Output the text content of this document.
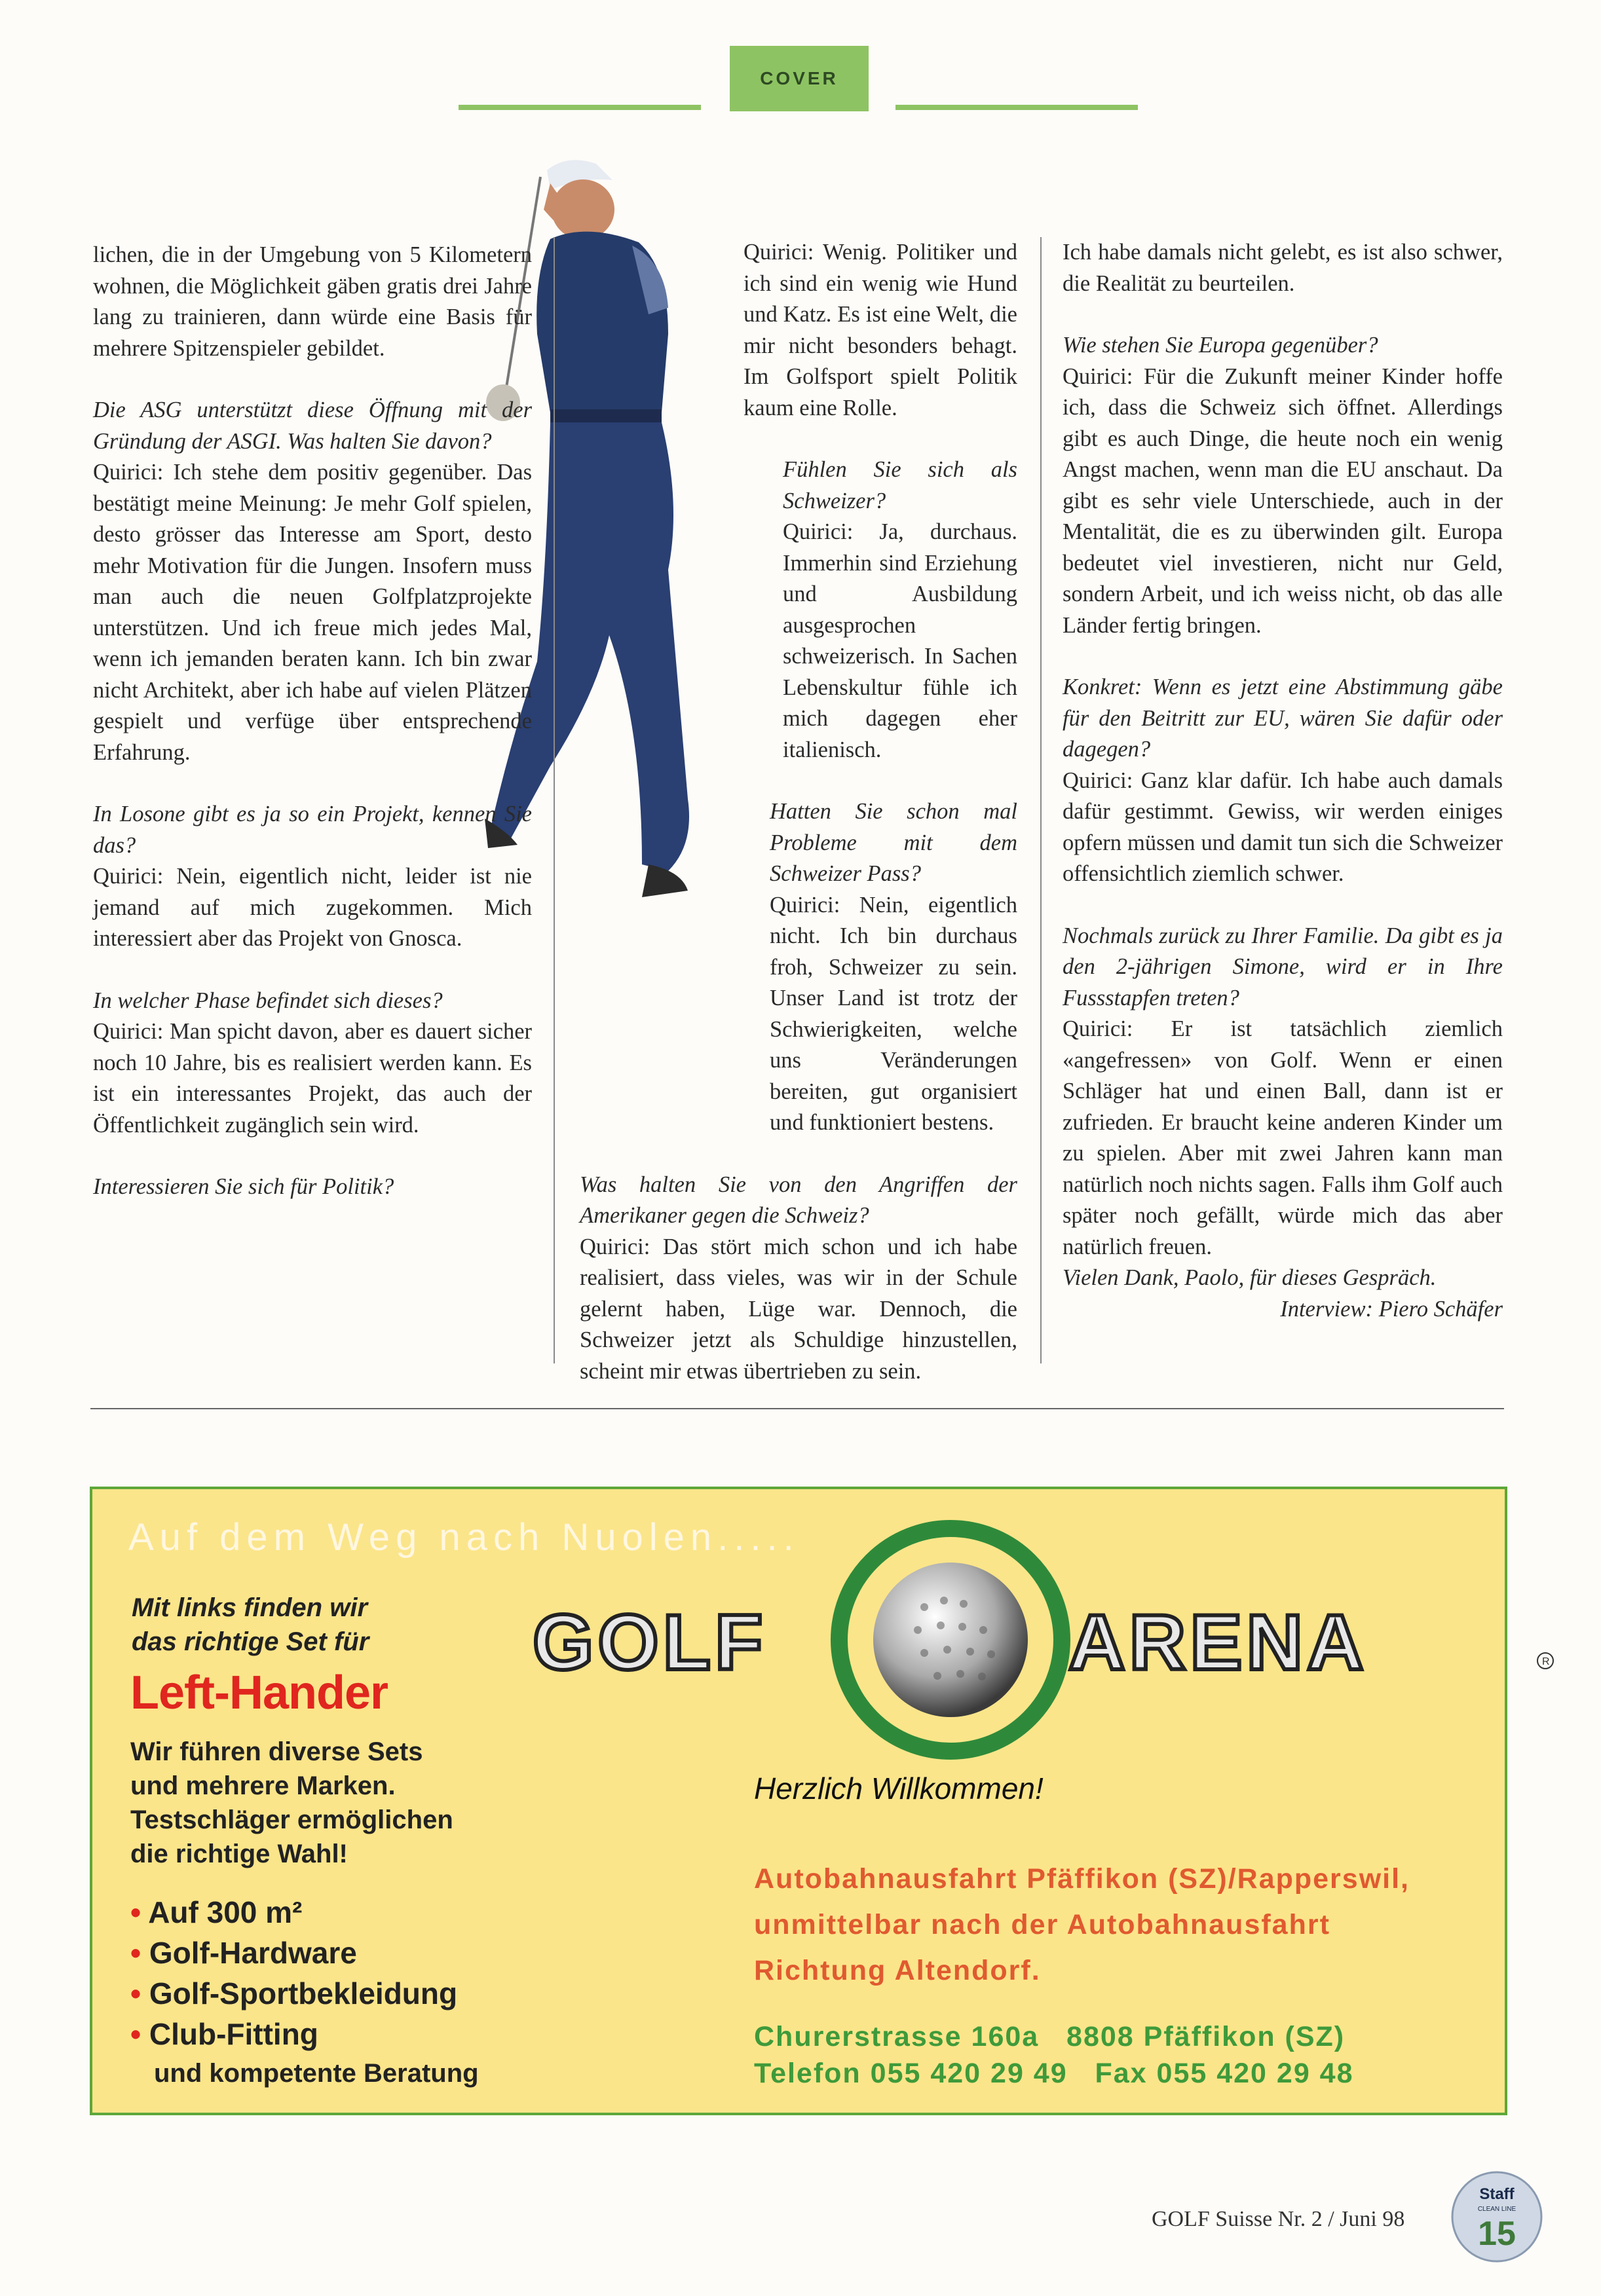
COVER

lichen, die in der Umgebung von 5 Kilometern wohnen, die Möglichkeit gäben gratis drei Jahre lang zu trainieren, dann würde eine Basis für mehrere Spitzenspieler gebildet.

Die ASG unterstützt diese Öffnung mit der Gründung der ASGI. Was halten Sie davon?
Quirici: Ich stehe dem positiv gegenüber. Das bestätigt meine Meinung: Je mehr Golf spielen, desto grösser das Interesse am Sport, desto mehr Motivation für die Jungen. Insofern muss man auch die neuen Golfplatzprojekte unterstützen. Und ich freue mich jedes Mal, wenn ich jemanden beraten kann. Ich bin zwar nicht Architekt, aber ich habe auf vielen Plätzen gespielt und verfüge über entsprechende Erfahrung.

In Losone gibt es ja so ein Projekt, kennen Sie das?
Quirici: Nein, eigentlich nicht, leider ist nie jemand auf mich zugekommen. Mich interessiert aber das Projekt von Gnosca.

In welcher Phase befindet sich dieses?
Quirici: Man spicht davon, aber es dauert sicher noch 10 Jahre, bis es realisiert werden kann. Es ist ein interessantes Projekt, das auch der Öffentlichkeit zugänglich sein wird.

Interessieren Sie sich für Politik?

Quirici: Wenig. Politiker und ich sind ein wenig wie Hund und Katz. Es ist eine Welt, die mir nicht besonders behagt. Im Golfsport spielt Politik kaum eine Rolle.

Fühlen Sie sich als Schweizer?
Quirici: Ja, durchaus. Immerhin sind Erziehung und Ausbildung ausgesprochen schweizerisch. In Sachen Lebenskultur fühle ich mich dagegen eher italienisch.

Hatten Sie schon mal Probleme mit dem Schweizer Pass?
Quirici: Nein, eigentlich nicht. Ich bin durchaus froh, Schweizer zu sein. Unser Land ist trotz der Schwierigkeiten, welche uns Veränderungen bereiten, gut organisiert und funktioniert bestens.

Was halten Sie von den Angriffen der Amerikaner gegen die Schweiz?
Quirici: Das stört mich schon und ich habe realisiert, dass vieles, was wir in der Schule gelernt haben, Lüge war. Dennoch, die Schweizer jetzt als Schuldige hinzustellen, scheint mir etwas übertrieben zu sein.

Ich habe damals nicht gelebt, es ist also schwer, die Realität zu beurteilen.

Wie stehen Sie Europa gegenüber?
Quirici: Für die Zukunft meiner Kinder hoffe ich, dass die Schweiz sich öffnet. Allerdings gibt es auch Dinge, die heute noch ein wenig Angst machen, wenn man die EU anschaut. Da gibt es sehr viele Unterschiede, auch in der Mentalität, die es zu überwinden gilt. Europa bedeutet viel investieren, nicht nur Geld, sondern Arbeit, und ich weiss nicht, ob das alle Länder fertig bringen.

Konkret: Wenn es jetzt eine Abstimmung gäbe für den Beitritt zur EU, wären Sie dafür oder dagegen?
Quirici: Ganz klar dafür. Ich habe auch damals dafür gestimmt. Gewiss, wir werden einiges opfern müssen und damit tun sich die Schweizer offensichtlich ziemlich schwer.

Nochmals zurück zu Ihrer Familie. Da gibt es ja den 2-jährigen Simone, wird er in Ihre Fussstapfen treten?
Quirici: Er ist tatsächlich ziemlich «angefressen» von Golf. Wenn er einen Schläger hat und einen Ball, dann ist er zufrieden. Er braucht keine anderen Kinder um zu spielen. Aber mit zwei Jahren kann man natürlich noch nichts sagen. Falls ihm Golf auch später noch gefällt, würde mich das aber natürlich freuen.
Vielen Dank, Paolo, für dieses Gespräch.
Interview: Piero Schäfer

Auf dem Weg nach Nuolen.....
Mit links finden wir
das richtige Set für
Left-Hander
Wir führen diverse Sets
und mehrere Marken.
Testschläger ermöglichen
die richtige Wahl!
• Auf 300 m²
• Golf-Hardware
• Golf-Sportbekleidung
• Club-Fitting
und kompetente Beratung
GOLF	ARENA	R
Herzlich Willkommen!
Autobahnausfahrt Pfäffikon (SZ)/Rapperswil,
unmittelbar nach der Autobahnausfahrt
Richtung Altendorf.
Churerstrasse 160a 8808 Pfäffikon (SZ)
Telefon 055 420 29 49 Fax 055 420 29 48
GOLF Suisse Nr. 2 / Juni 98
Staff
CLEAN LINE
15
